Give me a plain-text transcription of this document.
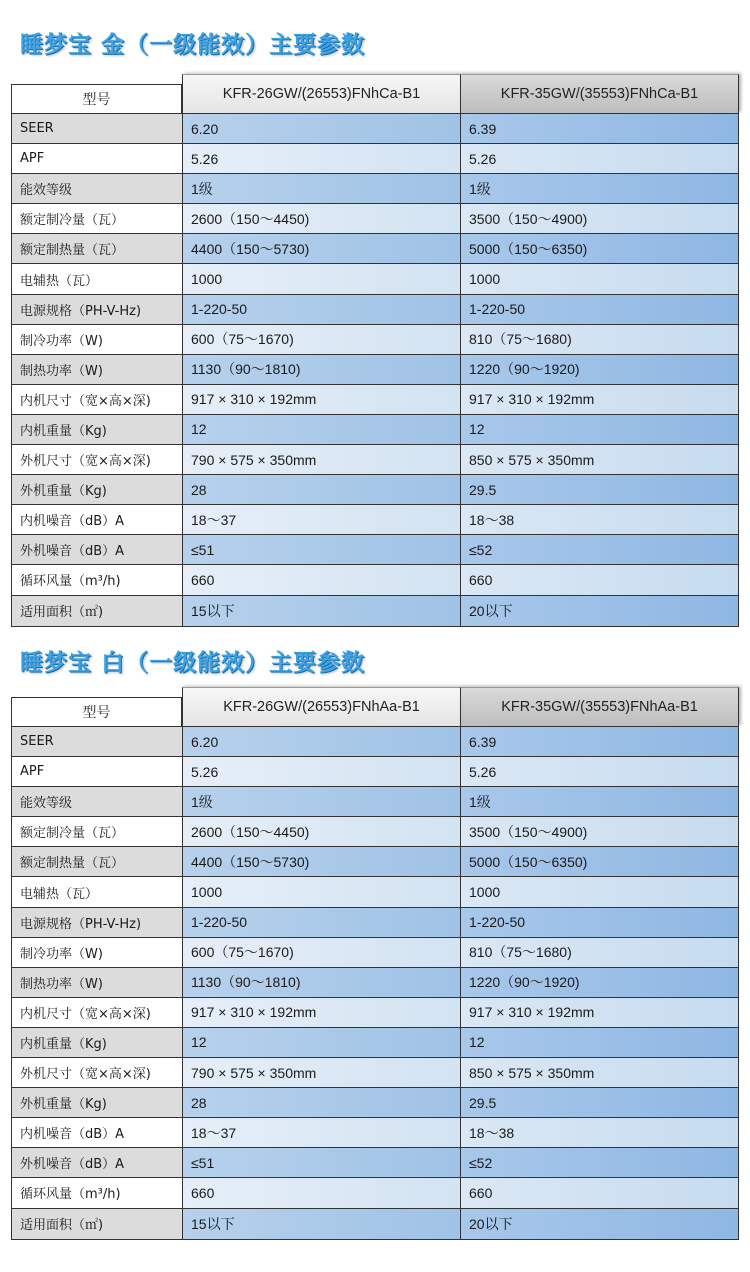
睡梦宝 金（一级能效）主要参数
型号	KFR-26GW/(26553)FNhCa-B1	KFR-35GW/(35553)FNhCa-B1
SEER	6.20	6.39
APF	5.26	5.26
能效等级	1级	1级
额定制冷量（瓦）	2600（150～4450)	3500（150～4900)
额定制热量（瓦）	4400（150～5730)	5000（150～6350)
电辅热（瓦）	1000	1000
电源规格（PH-V-Hz)	1-220-50	1-220-50
制冷功率（W)	600（75～1670)	810（75～1680)
制热功率（W)	1130（90～1810)	1220（90～1920)
内机尺寸（宽×高×深)	917 × 310 × 192mm	917 × 310 × 192mm
内机重量（Kg)	12	12
外机尺寸（宽×高×深)	790 × 575 × 350mm	850 × 575 × 350mm
外机重量（Kg)	28	29.5
内机噪音（dB）A	18～37	18～38
外机噪音（dB）A	≤51	≤52
循环风量（m³/h)	660	660
适用面积（㎡)	15以下	20以下
睡梦宝 白（一级能效）主要参数
型号	KFR-26GW/(26553)FNhAa-B1	KFR-35GW/(35553)FNhAa-B1
SEER	6.20	6.39
APF	5.26	5.26
能效等级	1级	1级
额定制冷量（瓦）	2600（150～4450)	3500（150～4900)
额定制热量（瓦）	4400（150～5730)	5000（150～6350)
电辅热（瓦）	1000	1000
电源规格（PH-V-Hz)	1-220-50	1-220-50
制冷功率（W)	600（75～1670)	810（75～1680)
制热功率（W)	1130（90～1810)	1220（90～1920)
内机尺寸（宽×高×深)	917 × 310 × 192mm	917 × 310 × 192mm
内机重量（Kg)	12	12
外机尺寸（宽×高×深)	790 × 575 × 350mm	850 × 575 × 350mm
外机重量（Kg)	28	29.5
内机噪音（dB）A	18～37	18～38
外机噪音（dB）A	≤51	≤52
循环风量（m³/h)	660	660
适用面积（㎡)	15以下	20以下
